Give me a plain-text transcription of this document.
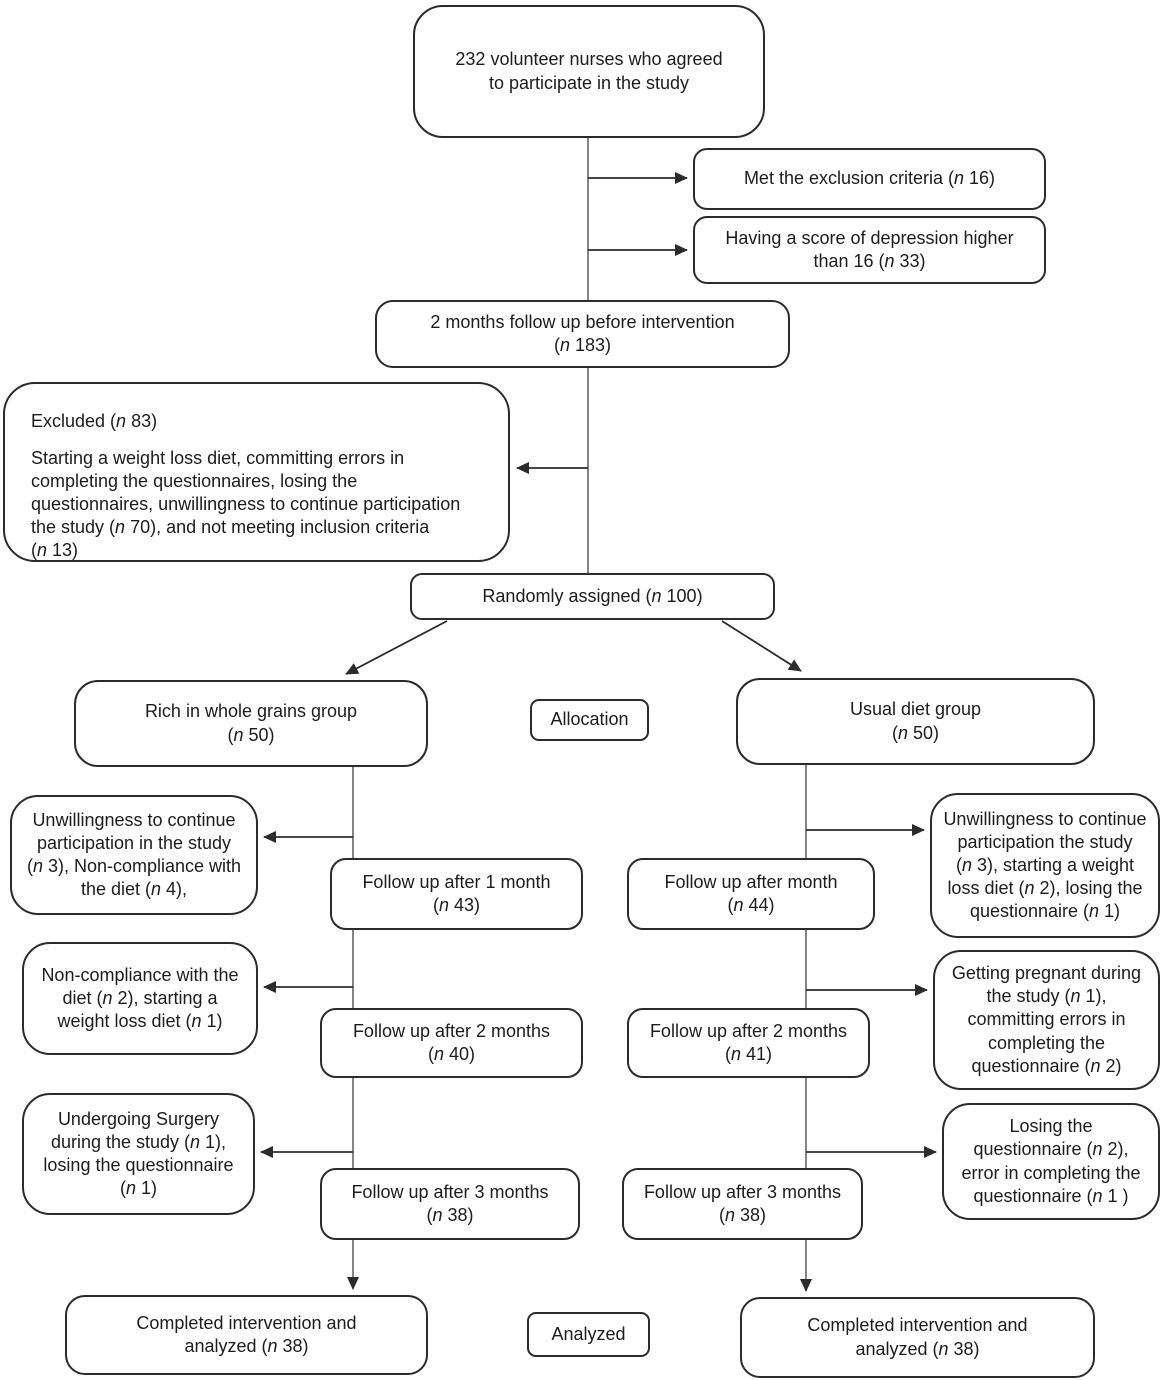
232 volunteer nurses who agreed to participate in the study
Met the exclusion criteria (n 16)
Having a score of depression higher than 16 (n 33)
2 months follow up before intervention
(n 183)
Excluded (n 83)
Starting a weight loss diet, committing errors in completing the questionnaires, losing the questionnaires, unwillingness to continue participation the study (n 70), and not meeting inclusion criteria (n 13)
Randomly assigned (n 100)
Rich in whole grains group
(n 50)
Allocation
Usual diet group
(n 50)
Unwillingness to continue participation in the study (n 3), Non-compliance with the diet (n 4),	Follow up after 1 month
(n 43)
Follow up after month
(n 44)
Unwillingness to continue participation the study (n 3), starting a weight loss diet (n 2), losing the questionnaire (n 1)
Non-compliance with the diet (n 2), starting a weight loss diet (n 1)	Follow up after 2 months
(n 40)
Follow up after 2 months
(n 41)
Getting pregnant during the study (n 1), committing errors in completing the questionnaire (n 2)
Undergoing Surgery during the study (n 1), losing the questionnaire (n 1)	Follow up after 3 months
(n 38)
Follow up after 3 months
(n 38)
Losing the questionnaire (n 2), error in completing the questionnaire (n 1 )
Completed intervention and analyzed (n 38)
Analyzed	Completed intervention and analyzed (n 38)
